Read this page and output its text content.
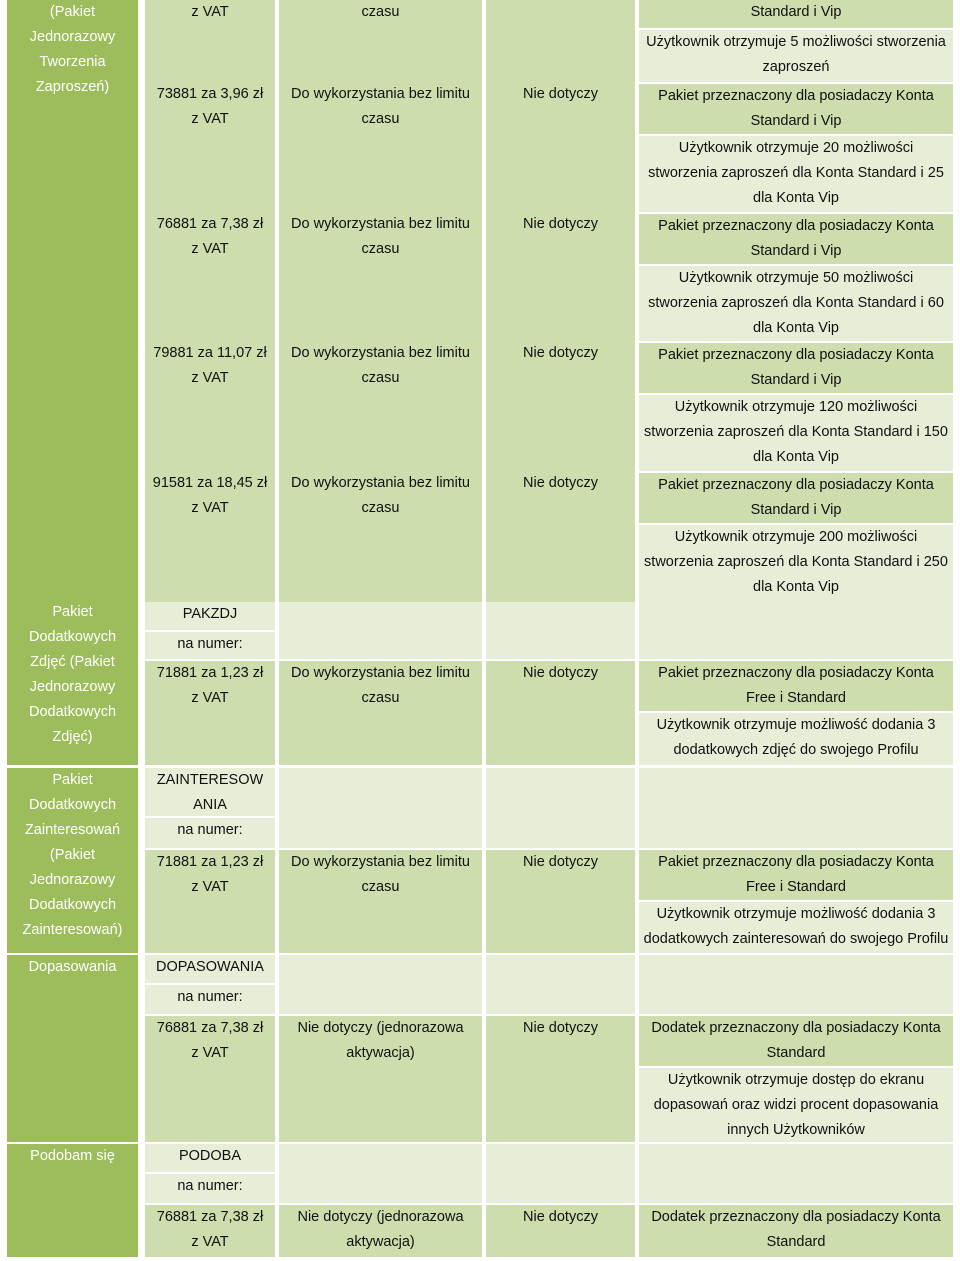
(Pakiet
Jednorazowy
Tworzenia
Zaproszeń)
Pakiet
Dodatkowych
Zdjęć (Pakiet
Jednorazowy
Dodatkowych
Zdjęć)
Pakiet
Dodatkowych
Zainteresowań
(Pakiet
Jednorazowy
Dodatkowych
Zainteresowań)
Dopasowania
Podobam się
z VAT
73881 za 3,96 zł
z VAT
76881 za 7,38 zł
z VAT
79881 za 11,07 zł
z VAT
91581 za 18,45 zł
z VAT
PAKZDJ
na numer:
71881 za 1,23 zł
z VAT
ZAINTERESOW
ANIA
na numer:
71881 za 1,23 zł
z VAT
DOPASOWANIA
na numer:
76881 za 7,38 zł
z VAT
PODOBA
na numer:
76881 za 7,38 zł
z VAT
czasu
Do wykorzystania bez limitu
czasu
Do wykorzystania bez limitu
czasu
Do wykorzystania bez limitu
czasu
Do wykorzystania bez limitu
czasu
Do wykorzystania bez limitu
czasu
Do wykorzystania bez limitu
czasu
Nie dotyczy (jednorazowa
aktywacja)
Nie dotyczy (jednorazowa
aktywacja)
Nie dotyczy
Nie dotyczy
Nie dotyczy
Nie dotyczy
Nie dotyczy
Nie dotyczy
Nie dotyczy
Nie dotyczy
Standard i Vip
Użytkownik otrzymuje 5 możliwości stworzenia
zaproszeń
Pakiet przeznaczony dla posiadaczy Konta
Standard i Vip
Użytkownik otrzymuje 20 możliwości
stworzenia zaproszeń dla Konta Standard i 25
dla Konta Vip
Pakiet przeznaczony dla posiadaczy Konta
Standard i Vip
Użytkownik otrzymuje 50 możliwości
stworzenia zaproszeń dla Konta Standard i 60
dla Konta Vip
Pakiet przeznaczony dla posiadaczy Konta
Standard i Vip
Użytkownik otrzymuje 120 możliwości
stworzenia zaproszeń dla Konta Standard i 150
dla Konta Vip
Pakiet przeznaczony dla posiadaczy Konta
Standard i Vip
Użytkownik otrzymuje 200 możliwości
stworzenia zaproszeń dla Konta Standard i 250
dla Konta Vip
Pakiet przeznaczony dla posiadaczy Konta
Free i Standard
Użytkownik otrzymuje możliwość dodania 3
dodatkowych zdjęć do swojego Profilu
Pakiet przeznaczony dla posiadaczy Konta
Free i Standard
Użytkownik otrzymuje możliwość dodania 3
dodatkowych zainteresowań do swojego Profilu
Dodatek przeznaczony dla posiadaczy Konta
Standard
Użytkownik otrzymuje dostęp do ekranu
dopasowań oraz widzi procent dopasowania
innych Użytkowników
Dodatek przeznaczony dla posiadaczy Konta
Standard
